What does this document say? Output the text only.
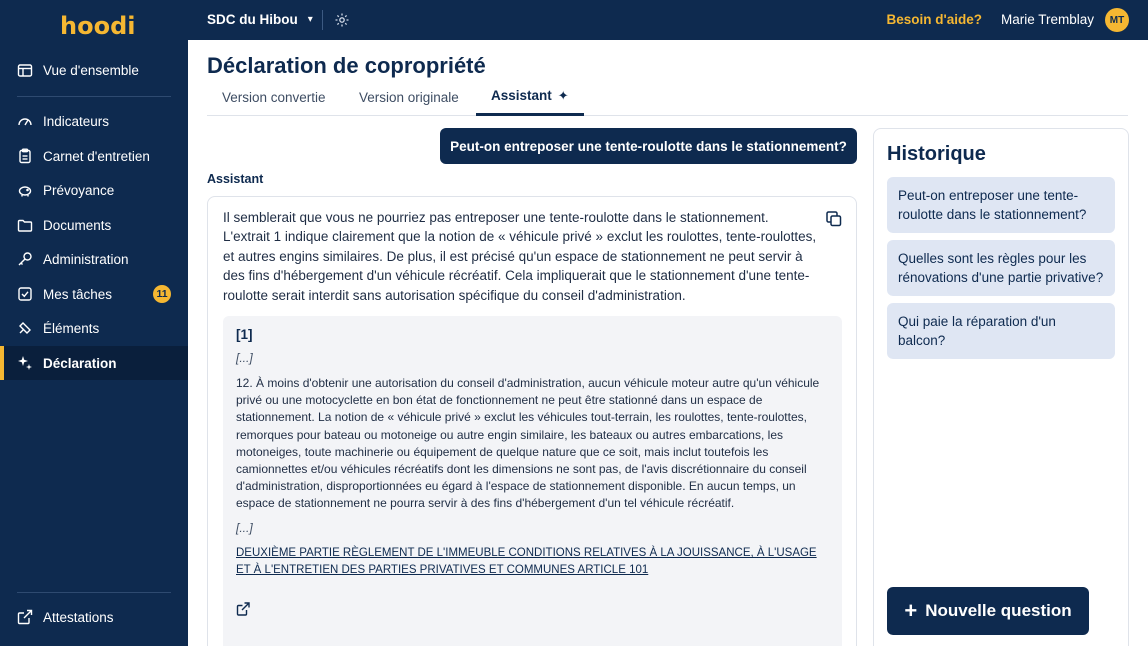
hoodi
Vue d'ensemble
Indicateurs
Carnet d'entretien
Prévoyance
Documents
Administration
Mes tâches	11
Éléments
Déclaration
Attestations
SDC du Hibou ▾	Besoin d'aide? Marie Tremblay	MT
Déclaration de copropriété
Version convertie Version originale Assistant ✦
Peut-on entreposer une tente-roulotte dans le stationnement?
Assistant
Il semblerait que vous ne pourriez pas entreposer une tente-roulotte dans le stationnement. L'extrait 1 indique clairement que la notion de « véhicule privé » exclut les roulottes, tente-roulottes, et autres engins similaires. De plus, il est précisé qu'un espace de stationnement ne peut servir à des fins d'hébergement d'un véhicule récréatif. Cela impliquerait que le stationnement d'une tente-roulotte serait interdit sans autorisation spécifique du conseil d'administration.
[1]
[...]
12. À moins d'obtenir une autorisation du conseil d'administration, aucun véhicule moteur autre qu'un véhicule privé ou une motocyclette en bon état de fonctionnement ne peut être stationné dans un espace de stationnement. La notion de « véhicule privé » exclut les véhicules tout-terrain, les roulottes, tente-roulottes, remorques pour bateau ou motoneige ou autre engin similaire, les bateaux ou autres embarcations, les motoneiges, toute machinerie ou équipement de quelque nature que ce soit, mais inclut toutefois les camionnettes et/ou véhicules récréatifs dont les dimensions ne sont pas, de l'avis discrétionnaire du conseil d'administration, disproportionnées eu égard à l'espace de stationnement disponible. En aucun temps, un espace de stationnement ne pourra servir à des fins d'hébergement d'un tel véhicule récréatif.
[...]
DEUXIÈME PARTIE RÈGLEMENT DE L'IMMEUBLE CONDITIONS RELATIVES À LA JOUISSANCE, À L'USAGE ET À L'ENTRETIEN DES PARTIES PRIVATIVES ET COMMUNES ARTICLE 101
Historique
Peut-on entreposer une tente-roulotte dans le stationnement?
Quelles sont les règles pour les rénovations d'une partie privative?
Qui paie la réparation d'un balcon?
+ Nouvelle question
